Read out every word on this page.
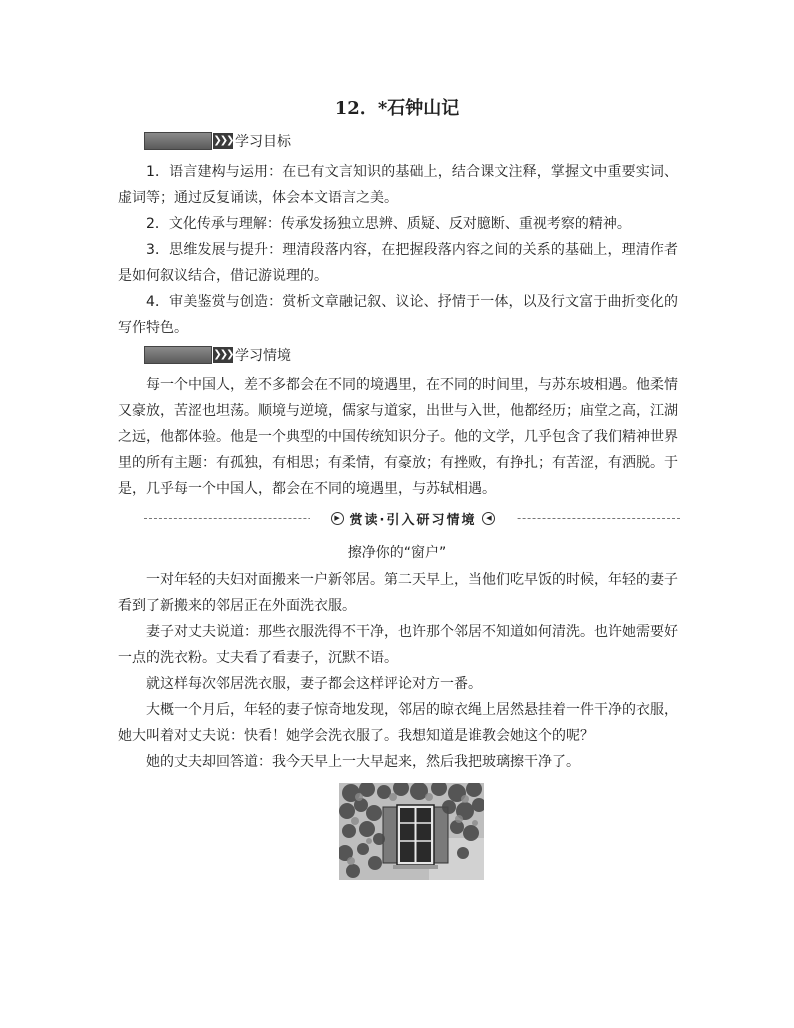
12．*石钟山记
❯❯❯ 学习目标

1．语言建构与运用：在已有文言知识的基础上，结合课文注释，掌握文中重要实词、虚词等；通过反复诵读，体会本文语言之美。

2．文化传承与理解：传承发扬独立思辨、质疑、反对臆断、重视考察的精神。

3．思维发展与提升：理清段落内容，在把握段落内容之间的关系的基础上，理清作者是如何叙议结合，借记游说理的。

4．审美鉴赏与创造：赏析文章融记叙、议论、抒情于一体，以及行文富于曲折变化的写作特色。

❯❯❯ 学习情境

每一个中国人，差不多都会在不同的境遇里，在不同的时间里，与苏东坡相遇。他柔情又豪放，苦涩也坦荡。顺境与逆境，儒家与道家，出世与入世，他都经历；庙堂之高，江湖之远，他都体验。他是一个典型的中国传统知识分子。他的文学，几乎包含了我们精神世界里的所有主题：有孤独，有相思；有柔情，有豪放；有挫败，有挣扎；有苦涩，有洒脱。于是，几乎每一个中国人，都会在不同的境遇里，与苏轼相遇。

▶ 赏读·引入研习情境	◀
擦净你的“窗户”

一对年轻的夫妇对面搬来一户新邻居。第二天早上，当他们吃早饭的时候，年轻的妻子看到了新搬来的邻居正在外面洗衣服。

妻子对丈夫说道：那些衣服洗得不干净，也许那个邻居不知道如何清洗。也许她需要好一点的洗衣粉。丈夫看了看妻子，沉默不语。

就这样每次邻居洗衣服，妻子都会这样评论对方一番。

大概一个月后，年轻的妻子惊奇地发现，邻居的晾衣绳上居然悬挂着一件干净的衣服，她大叫着对丈夫说：快看！她学会洗衣服了。我想知道是谁教会她这个的呢？

她的丈夫却回答道：我今天早上一大早起来，然后我把玻璃擦干净了。
